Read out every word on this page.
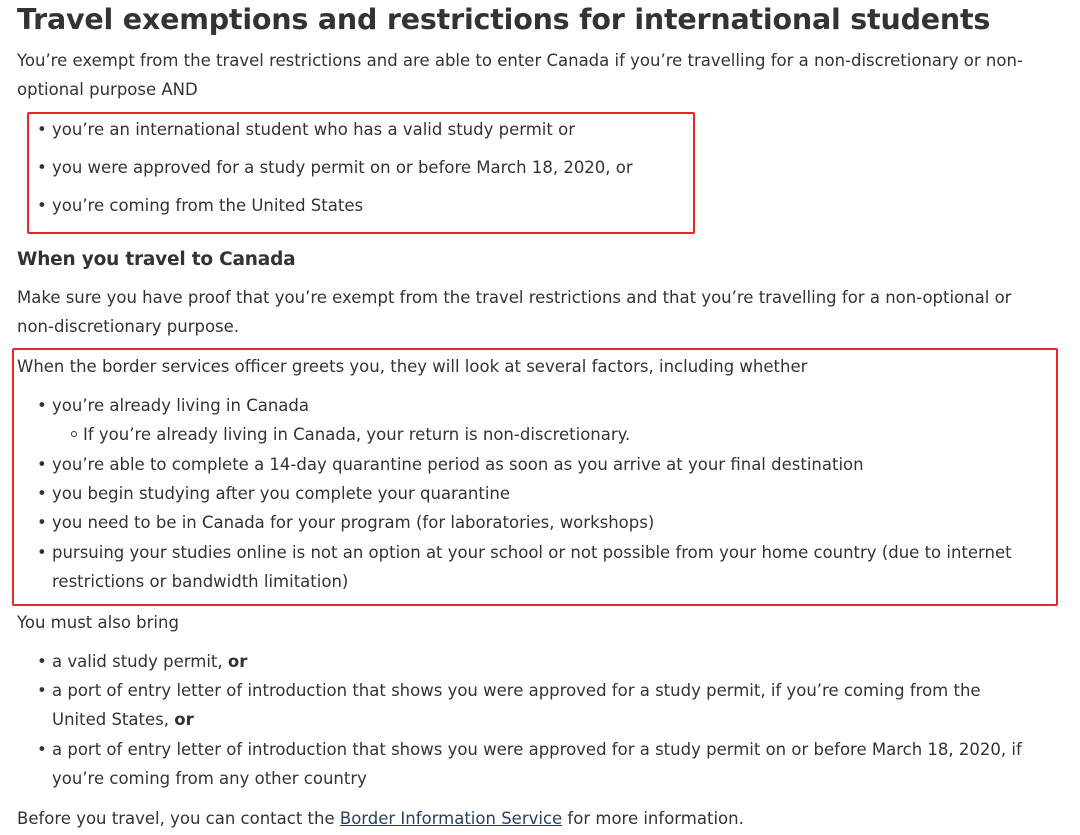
Travel exemptions and restrictions for international students

You’re exempt from the travel restrictions and are able to enter Canada if you’re travelling for a non-discretionary or non-optional purpose AND

• you’re an international student who has a valid study permit or
• you were approved for a study permit on or before March 18, 2020, or
• you’re coming from the United States
When you travel to Canada

Make sure you have proof that you’re exempt from the travel restrictions and that you’re travelling for a non-optional or non-discretionary purpose.

When the border services officer greets you, they will look at several factors, including whether

• you’re already living in Canada
If you’re already living in Canada, your return is non-discretionary.
• you’re able to complete a 14-day quarantine period as soon as you arrive at your final destination
• you begin studying after you complete your quarantine
• you need to be in Canada for your program (for laboratories, workshops)
• pursuing your studies online is not an option at your school or not possible from your home country (due to internet restrictions or bandwidth limitation)

You must also bring

• a valid study permit, or
• a port of entry letter of introduction that shows you were approved for a study permit, if you’re coming from the United States, or
• a port of entry letter of introduction that shows you were approved for a study permit on or before March 18, 2020, if you’re coming from any other country

Before you travel, you can contact the Border Information Service for more information.
